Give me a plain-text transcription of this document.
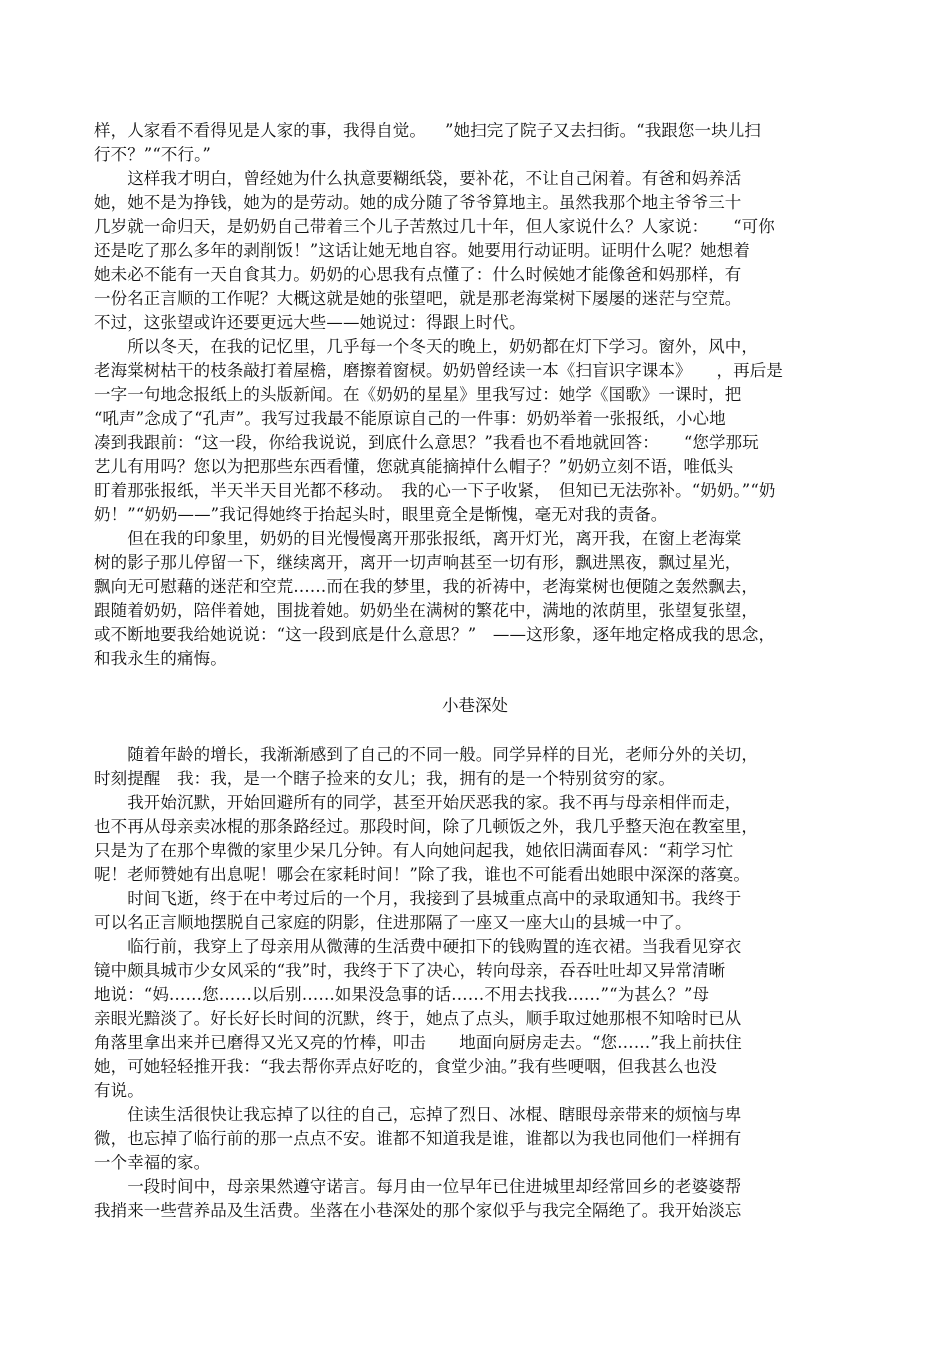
样，人家看不看得见是人家的事，我得自觉。　  ”她扫完了院子又去扫街。“我跟您一块儿扫
行不？”“不行。”
　　这样我才明白，曾经她为什么执意要糊纸袋，要补花，不让自己闲着。有爸和妈养活
她，她不是为挣钱，她为的是劳动。她的成分随了爷爷算地主。虽然我那个地主爷爷三十
几岁就一命归天，是奶奶自己带着三个儿子苦熬过几十年，但人家说什么？人家说：　　“可你
还是吃了那么多年的剥削饭！”这话让她无地自容。她要用行动证明。证明什么呢？她想着
她未必不能有一天自食其力。奶奶的心思我有点懂了：什么时候她才能像爸和妈那样，有
一份名正言顺的工作呢？大概这就是她的张望吧，就是那老海棠树下屡屡的迷茫与空荒。
不过，这张望或许还要更远大些——她说过：得跟上时代。
　　所以冬天，在我的记忆里，几乎每一个冬天的晚上，奶奶都在灯下学习。窗外，风中，
老海棠树枯干的枝条敲打着屋檐，磨擦着窗棂。奶奶曾经读一本《扫盲识字课本》　　，再后是
一字一句地念报纸上的头版新闻。在《奶奶的星星》里我写过：她学《国歌》一课时，把
“吼声”念成了“孔声”。我写过我最不能原谅自己的一件事：奶奶举着一张报纸，小心地
凑到我跟前：“这一段，你给我说说，到底什么意思？”我看也不看地就回答：　　“您学那玩
艺儿有用吗？您以为把那些东西看懂，您就真能摘掉什么帽子？”奶奶立刻不语，唯低头
盯着那张报纸，半天半天目光都不移动。　我的心一下子收紧，　但知已无法弥补。“奶奶。”“奶
奶！”“奶奶——”我记得她终于抬起头时，眼里竟全是惭愧，毫无对我的责备。
　　但在我的印象里，奶奶的目光慢慢离开那张报纸，离开灯光，离开我，在窗上老海棠
树的影子那儿停留一下，继续离开，离开一切声响甚至一切有形，飘进黑夜，飘过星光，
飘向无可慰藉的迷茫和空荒……而在我的梦里，我的祈祷中，老海棠树也便随之轰然飘去，
跟随着奶奶，陪伴着她，围拢着她。奶奶坐在满树的繁花中，满地的浓荫里，张望复张望，
或不断地要我给她说说：“这一段到底是什么意思？”　——这形象，逐年地定格成我的思念，
和我永生的痛悔。
小巷深处
　　随着年龄的增长，我渐渐感到了自己的不同一般。同学异样的目光，老师分外的关切，
时刻提醒　我：我，是一个瞎子捡来的女儿；我，拥有的是一个特别贫穷的家。
　　我开始沉默，开始回避所有的同学，甚至开始厌恶我的家。我不再与母亲相伴而走，
也不再从母亲卖冰棍的那条路经过。那段时间，除了几顿饭之外，我几乎整天泡在教室里，
只是为了在那个卑微的家里少呆几分钟。有人向她问起我，她依旧满面春风：“莉学习忙
呢！老师赞她有出息呢！哪会在家耗时间！”除了我，谁也不可能看出她眼中深深的落寞。
　　时间飞逝，终于在中考过后的一个月，我接到了县城重点高中的录取通知书。我终于
可以名正言顺地摆脱自己家庭的阴影，住进那隔了一座又一座大山的县城一中了。
　　临行前，我穿上了母亲用从微薄的生活费中硬扣下的钱购置的连衣裙。当我看见穿衣
镜中颇具城市少女风采的“我”时，我终于下了决心，转向母亲，吞吞吐吐却又异常清晰
地说：“妈……您……以后别……如果没急事的话……不用去找我……”“为甚么？”母
亲眼光黯淡了。好长好长时间的沉默，终于，她点了点头，顺手取过她那根不知啥时已从
角落里拿出来并已磨得又光又亮的竹棒，叩击　　地面向厨房走去。“您……”我上前扶住
她，可她轻轻推开我：“我去帮你弄点好吃的，食堂少油。”我有些哽咽，但我甚么也没
有说。
　　住读生活很快让我忘掉了以往的自己，忘掉了烈日、冰棍、瞎眼母亲带来的烦恼与卑
微，也忘掉了临行前的那一点点不安。谁都不知道我是谁，谁都以为我也同他们一样拥有
一个幸福的家。
　　一段时间中，母亲果然遵守诺言。每月由一位早年已住进城里却经常回乡的老婆婆帮
我捎来一些营养品及生活费。坐落在小巷深处的那个家似乎与我完全隔绝了。我开始淡忘
